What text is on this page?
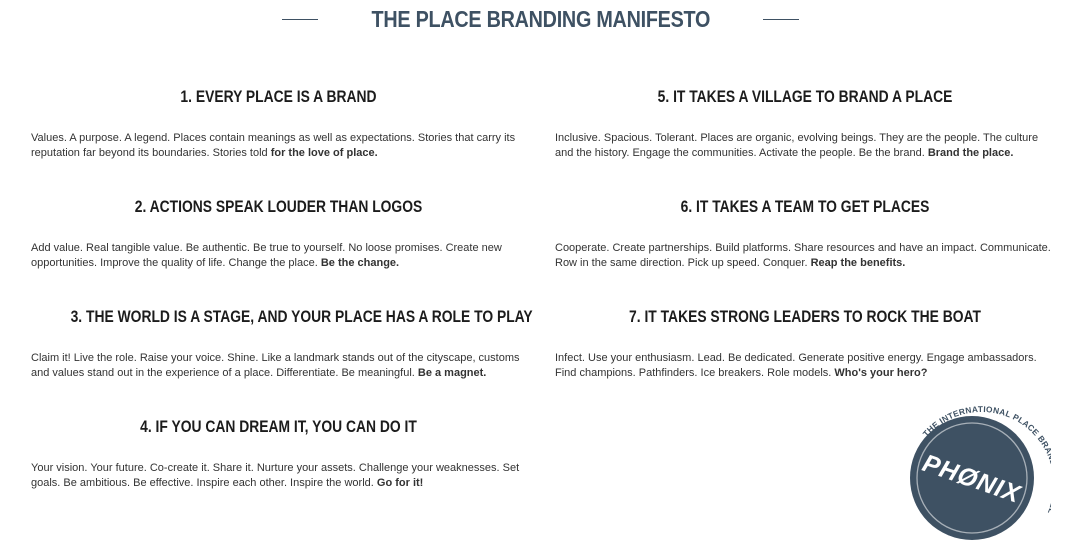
THE PLACE BRANDING MANIFESTO
1. EVERY PLACE IS A BRAND

Values. A purpose. A legend. Places contain meanings as well as expectations. Stories that carry its reputation far beyond its boundaries. Stories told for the love of place.

2. ACTIONS SPEAK LOUDER THAN LOGOS

Add value. Real tangible value. Be authentic. Be true to yourself. No loose promises. Create new opportunities. Improve the quality of life. Change the place. Be the change.

3. THE WORLD IS A STAGE, AND YOUR PLACE HAS A ROLE TO PLAY

Claim it! Live the role. Raise your voice. Shine. Like a landmark stands out of the cityscape, customs and values stand out in the experience of a place. Differentiate. Be meaningful. Be a magnet.

4. IF YOU CAN DREAM IT, YOU CAN DO IT

Your vision. Your future. Co-create it. Share it. Nurture your assets. Challenge your weaknesses. Set goals. Be ambitious. Be effective. Inspire each other. Inspire the world. Go for it!

5. IT TAKES A VILLAGE TO BRAND A PLACE

Inclusive. Spacious. Tolerant. Places are organic, evolving beings. They are the people. The culture and the history. Engage the communities. Activate the people. Be the brand. Brand the place.

6. IT TAKES A TEAM TO GET PLACES

Cooperate. Create partnerships. Build platforms. Share resources and have an impact. Communicate. Row in the same direction. Pick up speed. Conquer. Reap the benefits.

7. IT TAKES STRONG LEADERS TO ROCK THE BOAT

Infect. Use your enthusiasm. Lead. Be dedicated. Generate positive energy. Engage ambassadors. Find champions. Pathfinders. Ice breakers. Role models. Who's your hero?

THE INTERNATIONAL PLACE BR
PHØNIX
